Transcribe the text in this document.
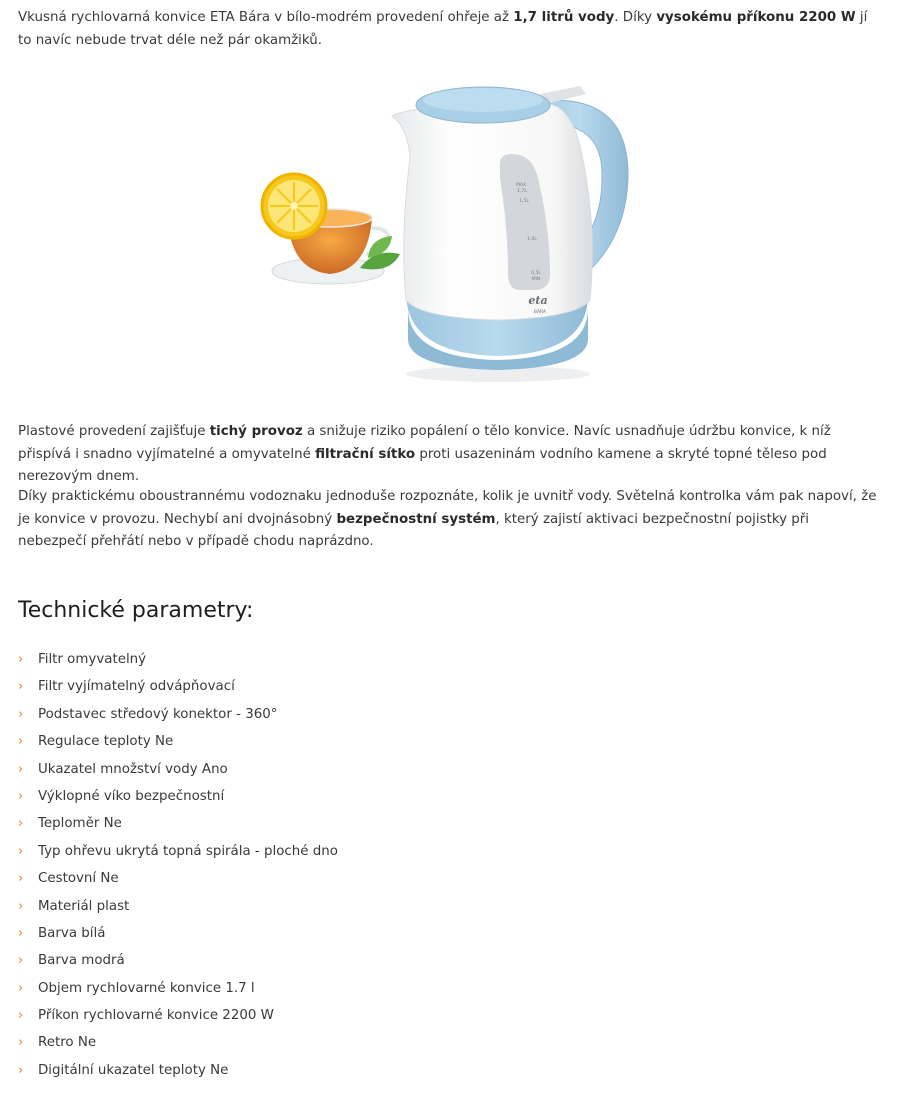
Vkusná rychlovarná konvice ETA Bára v bílo-modrém provedení ohřeje až 1,7 litrů vody. Díky vysokému příkonu 2200 W jí to navíc nebude trvat déle než pár okamžiků.

MAX
1,7L
1,5L
1,0L
0,5L
MIN
eta
BÁRA

Plastové provedení zajišťuje tichý provoz a snižuje riziko popálení o tělo konvice. Navíc usnadňuje údržbu konvice, k níž přispívá i snadno vyjímatelné a omyvatelné filtrační sítko proti usazeninám vodního kamene a skryté topné těleso pod nerezovým dnem.

Díky praktickému oboustrannému vodoznaku jednoduše rozpoznáte, kolik je uvnitř vody. Světelná kontrolka vám pak napoví, že je konvice v provozu. Nechybí ani dvojnásobný bezpečnostní systém, který zajistí aktivaci bezpečnostní pojistky při nebezpečí přehřátí nebo v případě chodu naprázdno.

Technické parametry:
›	Filtr omyvatelný
›	Filtr vyjímatelný odvápňovací
›	Podstavec středový konektor - 360°
›	Regulace teploty Ne
›	Ukazatel množství vody Ano
›	Výklopné víko bezpečnostní
›	Teploměr Ne
›	Typ ohřevu ukrytá topná spirála - ploché dno
›	Cestovní Ne
›	Materiál plast
›	Barva bílá
›	Barva modrá
›	Objem rychlovarné konvice 1.7 l
›	Příkon rychlovarné konvice 2200 W
›	Retro Ne
›	Digitální ukazatel teploty Ne
